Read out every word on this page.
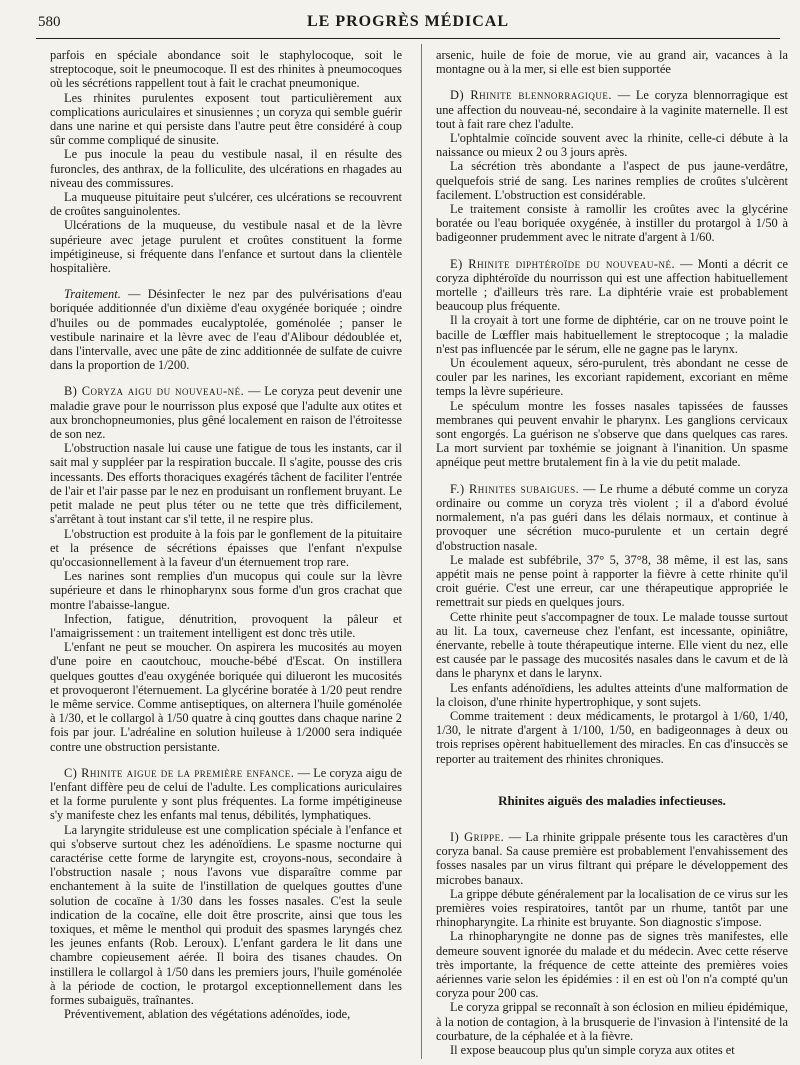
580	LE PROGRÈS MÉDICAL

parfois en spéciale abondance soit le staphylocoque, soit le streptocoque, soit le pneumocoque. Il est des rhinites à pneumocoques où les sécrétions rappellent tout à fait le crachat pneumonique.

Les rhinites purulentes exposent tout particulièrement aux complications auriculaires et sinusiennes ; un coryza qui semble guérir dans une narine et qui persiste dans l'autre peut être considéré à coup sûr comme compliqué de sinusite.

Le pus inocule la peau du vestibule nasal, il en résulte des furoncles, des anthrax, de la folliculite, des ulcérations en rhagades au niveau des commissures.

La muqueuse pituitaire peut s'ulcérer, ces ulcérations se recouvrent de croûtes sanguinolentes.

Ulcérations de la muqueuse, du vestibule nasal et de la lèvre supérieure avec jetage purulent et croûtes constituent la forme impétigineuse, si fréquente dans l'enfance et surtout dans la clientèle hospitalière.

Traitement. — Désinfecter le nez par des pulvérisations d'eau boriquée additionnée d'un dixième d'eau oxygénée boriquée ; oindre d'huiles ou de pommades eucalyptolée, goménolée ; panser le vestibule narinaire et la lèvre avec de l'eau d'Alibour dédoublée et, dans l'intervalle, avec une pâte de zinc additionnée de sulfate de cuivre dans la proportion de 1/200.

B) Coryza aigu du nouveau-né. — Le coryza peut devenir une maladie grave pour le nourrisson plus exposé que l'adulte aux otites et aux bronchopneumonies, plus gêné localement en raison de l'étroitesse de son nez.

L'obstruction nasale lui cause une fatigue de tous les instants, car il sait mal y suppléer par la respiration buccale. Il s'agite, pousse des cris incessants. Des efforts thoraciques exagérés tâchent de faciliter l'entrée de l'air et l'air passe par le nez en produisant un ronflement bruyant. Le petit malade ne peut plus téter ou ne tette que très difficilement, s'arrêtant à tout instant car s'il tette, il ne respire plus.

L'obstruction est produite à la fois par le gonflement de la pituitaire et la présence de sécrétions épaisses que l'enfant n'expulse qu'occasionnellement à la faveur d'un éternuement trop rare.

Les narines sont remplies d'un mucopus qui coule sur la lèvre supérieure et dans le rhinopharynx sous forme d'un gros crachat que montre l'abaisse-langue.

Infection, fatigue, dénutrition, provoquent la pâleur et l'amaigrissement : un traitement intelligent est donc très utile.

L'enfant ne peut se moucher. On aspirera les mucosités au moyen d'une poire en caoutchouc, mouche-bébé d'Escat. On instillera quelques gouttes d'eau oxygénée boriquée qui dilueront les mucosités et provoqueront l'éternuement. La glycérine boratée à 1/20 peut rendre le même service. Comme antiseptiques, on alternera l'huile goménolée à 1/30, et le collargol à 1/50 quatre à cinq gouttes dans chaque narine 2 fois par jour. L'adréaline en solution huileuse à 1/2000 sera indiquée contre une obstruction persistante.

C) Rhinite aigue de la première enfance. — Le coryza aigu de l'enfant diffère peu de celui de l'adulte. Les complications auriculaires et la forme purulente y sont plus fréquentes. La forme impétigineuse s'y manifeste chez les enfants mal tenus, débilités, lymphatiques.

La laryngite striduleuse est une complication spéciale à l'enfance et qui s'observe surtout chez les adénoïdiens. Le spasme nocturne qui caractérise cette forme de laryngite est, croyons-nous, secondaire à l'obstruction nasale ; nous l'avons vue disparaître comme par enchantement à la suite de l'instillation de quelques gouttes d'une solution de cocaïne à 1/30 dans les fosses nasales. C'est la seule indication de la cocaïne, elle doit être proscrite, ainsi que tous les toxiques, et même le menthol qui produit des spasmes laryngés chez les jeunes enfants (Rob. Leroux). L'enfant gardera le lit dans une chambre copieusement aérée. Il boira des tisanes chaudes. On instillera le collargol à 1/50 dans les premiers jours, l'huile goménolée à la période de coction, le protargol exceptionnellement dans les formes subaiguës, traînantes.

Préventivement, ablation des végétations adénoïdes, iode,

arsenic, huile de foie de morue, vie au grand air, vacances à la montagne ou à la mer, si elle est bien supportée

D) Rhinite blennorragique. — Le coryza blennorragique est une affection du nouveau-né, secondaire à la vaginite maternelle. Il est tout à fait rare chez l'adulte.

L'ophtalmie coïncide souvent avec la rhinite, celle-ci débute à la naissance ou mieux 2 ou 3 jours après.

La sécrétion très abondante a l'aspect de pus jaune-verdâtre, quelquefois strié de sang. Les narines remplies de croûtes s'ulcèrent facilement. L'obstruction est considérable.

Le traitement consiste à ramollir les croûtes avec la glycérine boratée ou l'eau boriquée oxygénée, à instiller du protargol à 1/50 à badigeonner prudemment avec le nitrate d'argent à 1/60.

E) Rhinite diphtéroïde du nouveau-né. — Monti a décrit ce coryza diphtéroïde du nourrisson qui est une affection habituellement mortelle ; d'ailleurs très rare. La diphtérie vraie est probablement beaucoup plus fréquente.

Il la croyait à tort une forme de diphtérie, car on ne trouve point le bacille de Lœffler mais habituellement le streptocoque ; la maladie n'est pas influencée par le sérum, elle ne gagne pas le larynx.

Un écoulement aqueux, séro-purulent, très abondant ne cesse de couler par les narines, les excoriant rapidement, excoriant en même temps la lèvre supérieure.

Le spéculum montre les fosses nasales tapissées de fausses membranes qui peuvent envahir le pharynx. Les ganglions cervicaux sont engorgés. La guérison ne s'observe que dans quelques cas rares. La mort survient par toxhémie se joignant à l'inanition. Un spasme apnéique peut mettre brutalement fin à la vie du petit malade.

F.) Rhinites subaigues. — Le rhume a débuté comme un coryza ordinaire ou comme un coryza très violent ; il a d'abord évolué normalement, n'a pas guéri dans les délais normaux, et continue à provoquer une sécrétion muco-purulente et un certain degré d'obstruction nasale.

Le malade est subfébrile, 37° 5, 37°8, 38 même, il est las, sans appétit mais ne pense point à rapporter la fièvre à cette rhinite qu'il croit guérie. C'est une erreur, car une thérapeutique appropriée le remettrait sur pieds en quelques jours.

Cette rhinite peut s'accompagner de toux. Le malade tousse surtout au lit. La toux, caverneuse chez l'enfant, est incessante, opiniâtre, énervante, rebelle à toute thérapeutique interne. Elle vient du nez, elle est causée par le passage des mucosités nasales dans le cavum et de là dans le pharynx et dans le larynx.

Les enfants adénoïdiens, les adultes atteints d'une malformation de la cloison, d'une rhinite hypertrophique, y sont sujets.

Comme traitement : deux médicaments, le protargol à 1/60, 1/40, 1/30, le nitrate d'argent à 1/100, 1/50, en badigeonnages à deux ou trois reprises opèrent habituellement des miracles. En cas d'insuccès se reporter au traitement des rhinites chroniques.

Rhinites aiguës des maladies infectieuses.

I) Grippe. — La rhinite grippale présente tous les caractères d'un coryza banal. Sa cause première est probablement l'envahissement des fosses nasales par un virus filtrant qui prépare le développement des microbes banaux.

La grippe débute généralement par la localisation de ce virus sur les premières voies respiratoires, tantôt par un rhume, tantôt par une rhinopharyngite. La rhinite est bruyante. Son diagnostic s'impose.

La rhinopharyngite ne donne pas de signes très manifestes, elle demeure souvent ignorée du malade et du médecin. Avec cette réserve très importante, la fréquence de cette atteinte des premières voies aériennes varie selon les épidémies : il en est où l'on n'a compté qu'un coryza pour 200 cas.

Le coryza grippal se reconnaît à son éclosion en milieu épidémique, à la notion de contagion, à la brusquerie de l'invasion à l'intensité de la courbature, de la céphalée et à la fièvre.

Il expose beaucoup plus qu'un simple coryza aux otites et
